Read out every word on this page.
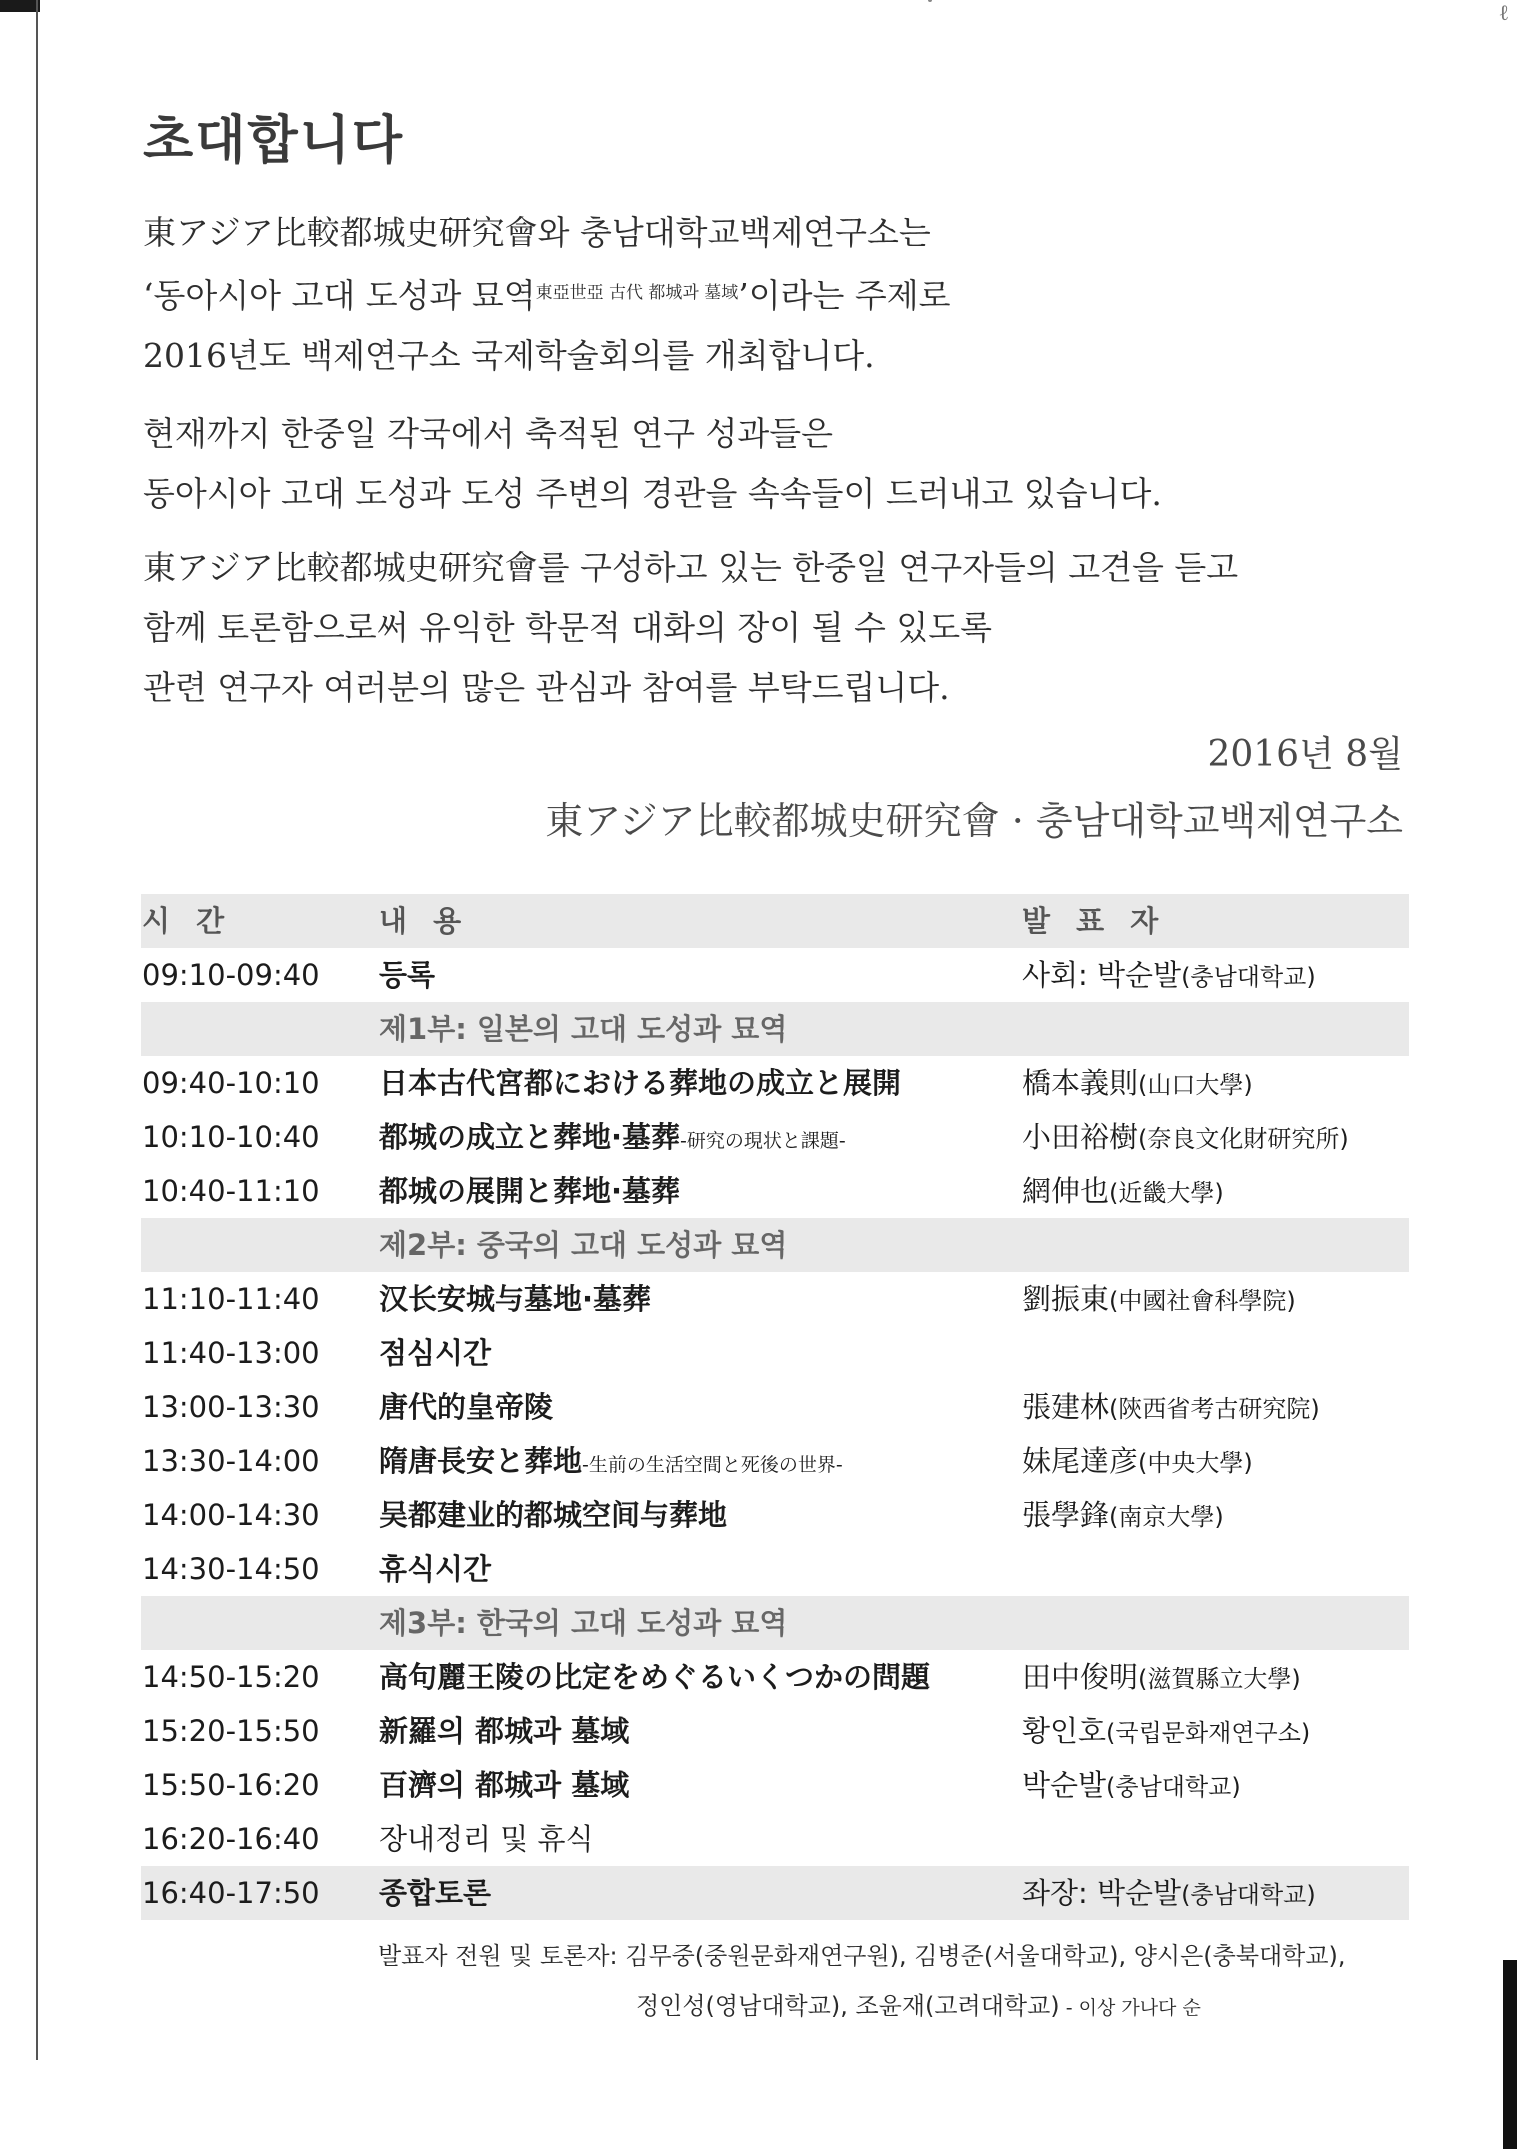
ℓ
초대합니다
東アジア比較都城史研究會와 충남대학교백제연구소는
‘동아시아 고대 도성과 묘역$^{東亞世亞 古代 都城과 墓域}$’이라는 주제로
2016년도 백제연구소 국제학술회의를 개최합니다.
현재까지 한중일 각국에서 축적된 연구 성과들은
동아시아 고대 도성과 도성 주변의 경관을 속속들이 드러내고 있습니다.
東アジア比較都城史研究會를 구성하고 있는 한중일 연구자들의 고견을 듣고
함께 토론함으로써 유익한 학문적 대화의 장이 될 수 있도록
관련 연구자 여러분의 많은 관심과 참여를 부탁드립니다.
2016년 8월
東アジア比較都城史研究會 · 충남대학교백제연구소
시 간	내 용	발 표 자
09:10-09:40 등록	사회: 박순발(충남대학교)
제1부: 일본의 고대 도성과 묘역
09:40-10:10 日本古代宮都における葬地の成立と展開	橋本義則(山口大學)
10:10-10:40 都城の成立と葬地·墓葬-研究の現状と課題-	小田裕樹(奈良文化財研究所)
10:40-11:10 都城の展開と葬地·墓葬	網伸也(近畿大學)
제2부: 중국의 고대 도성과 묘역
11:10-11:40 汉长安城与墓地·墓葬	劉振東(中國社會科學院)
11:40-13:00 점심시간
13:00-13:30 唐代的皇帝陵	張建林(陝西省考古研究院)
13:30-14:00 隋唐長安と葬地-生前の生活空間と死後の世界-	妹尾達彦(中央大學)
14:00-14:30 吴都建业的都城空间与葬地	張學鋒(南京大學)
14:30-14:50 휴식시간
제3부: 한국의 고대 도성과 묘역
14:50-15:20 高句麗王陵の比定をめぐるいくつかの問題	田中俊明(滋賀縣立大學)
15:20-15:50 新羅의 都城과 墓域	황인호(국립문화재연구소)
15:50-16:20 百濟의 都城과 墓域	박순발(충남대학교)
16:20-16:40 장내정리 및 휴식
16:40-17:50 종합토론	좌장: 박순발(충남대학교)
발표자 전원 및 토론자: 김무중(중원문화재연구원), 김병준(서울대학교), 양시은(충북대학교),
정인성(영남대학교), 조윤재(고려대학교) - 이상 가나다 순
